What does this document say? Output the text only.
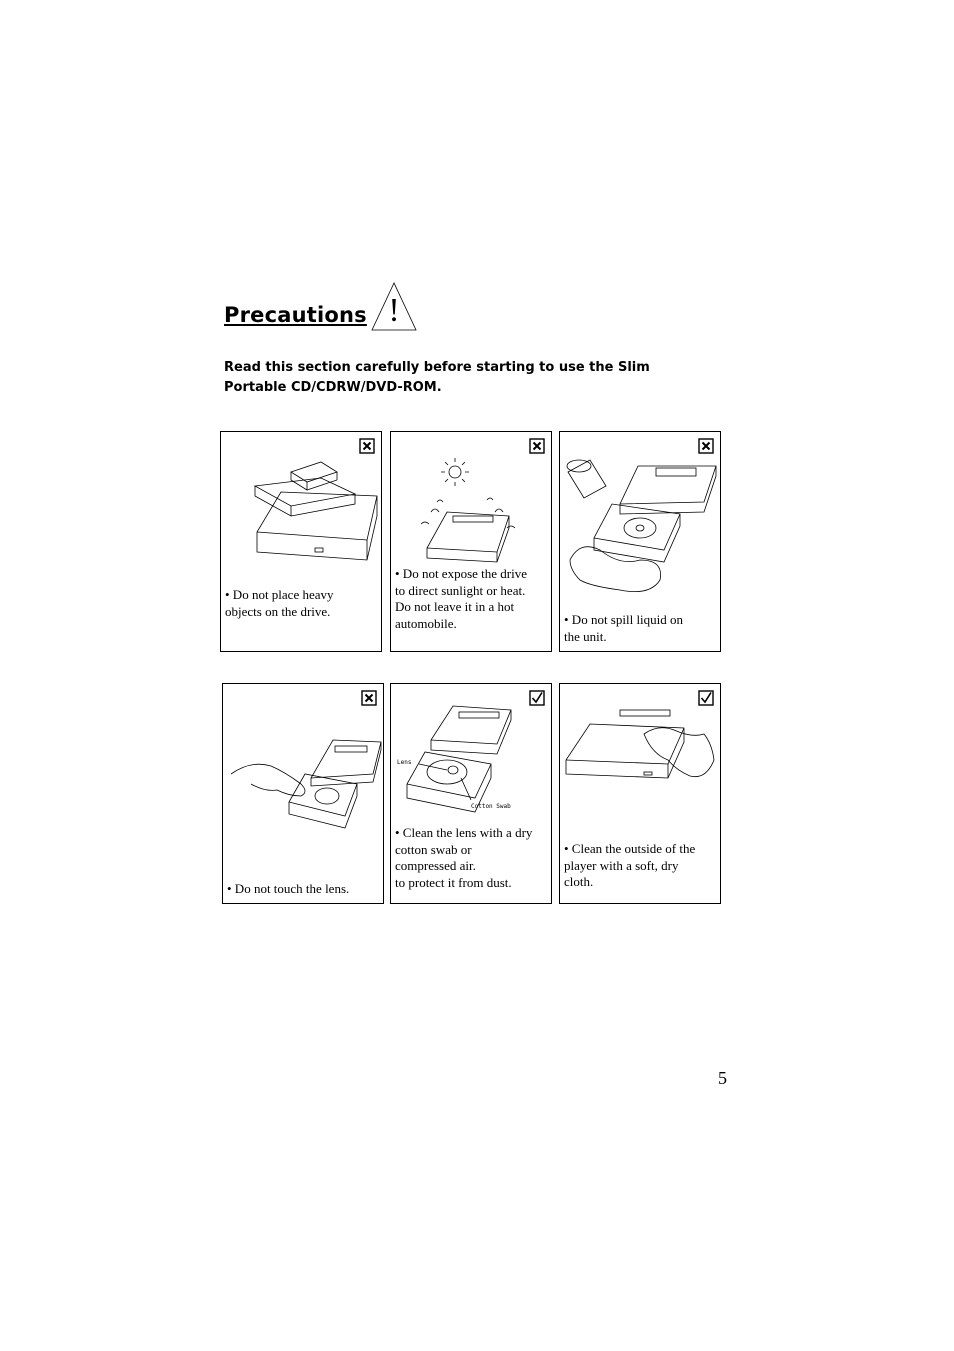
Precautions !
Read this section carefully before starting to use the Slim Portable CD/CDRW/DVD-ROM.
• Do not place heavy
objects on the drive.
• Do not expose the drive
to direct sunlight or heat.
Do not leave it in a hot
automobile.	• Do not spill liquid on
the unit.
• Do not touch the lens.
Lens
Cotton Swab
• Clean the lens with a dry
cotton swab or
compressed air.
to protect it from dust.
• Clean the outside of the
player with a soft, dry
cloth.
5
